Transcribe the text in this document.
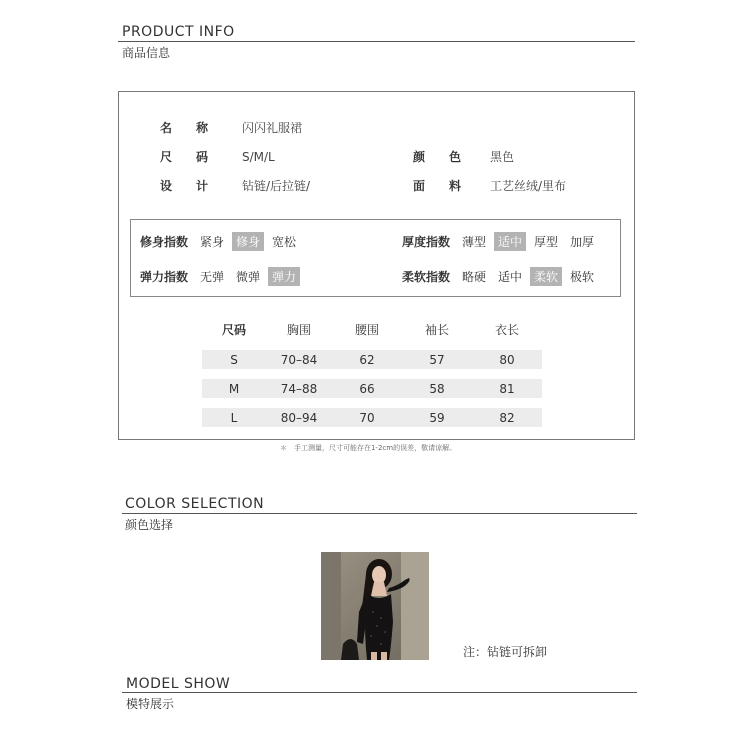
PRODUCT INFO
商品信息
名称 闪闪礼服裙
尺码 S/M/L	颜色 黑色
设计 钻链/后拉链/	面料 工艺丝绒/里布
修身指数 紧身	修身	宽松	厚度指数 薄型	适中	厚型	加厚
弹力指数 无弹	微弹	弹力	柔软指数 略硬	适中	柔软	极软
尺码	胸围	腰围	袖长	衣长
S	70–84	62	57	80
M	74–88	66	58	81
L	80–94	70	59	82
＊　手工测量，尺寸可能存在1-2cm的误差，敬请谅解。
COLOR SELECTION
颜色选择
注：钻链可拆卸
MODEL SHOW
模特展示
